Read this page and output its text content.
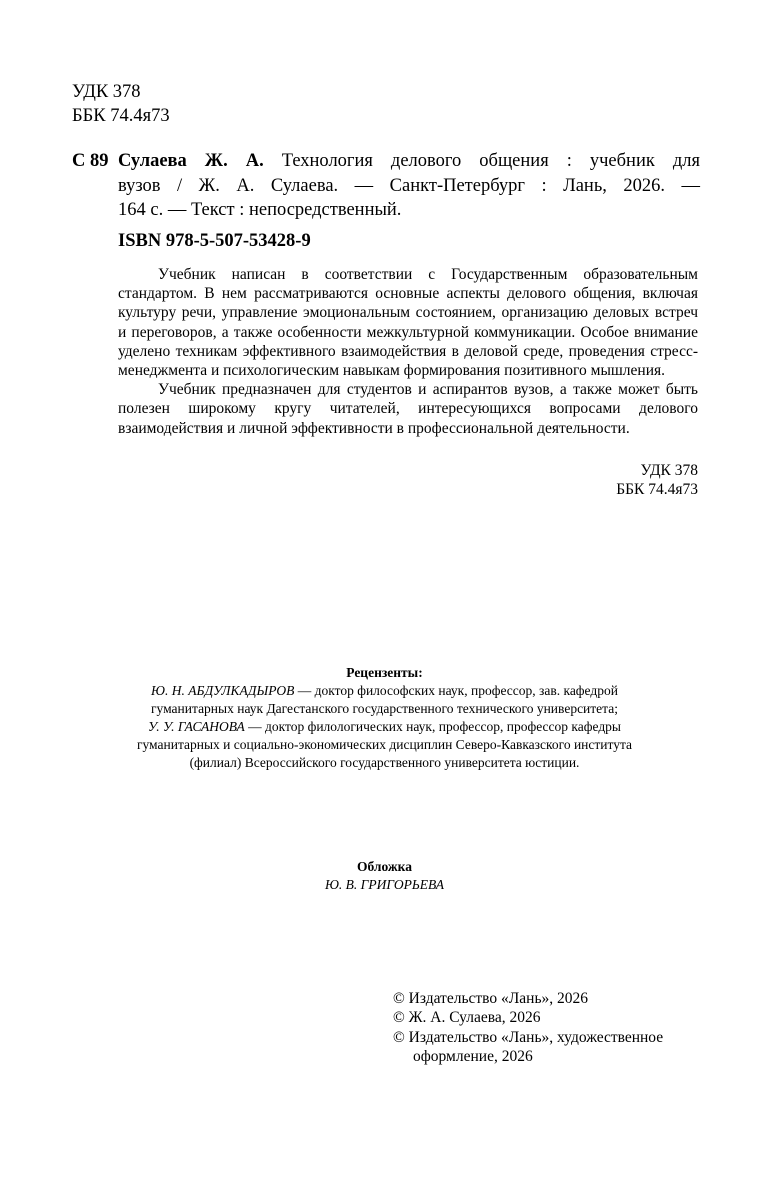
УДК 378
ББК 74.4я73
С 89 Сулаева Ж. А. Технология делового общения : учебник для
вузов / Ж. А. Сулаева. — Санкт-Петербург : Лань, 2026. —
164 с. — Текст : непосредственный.
ISBN 978-5-507-53428-9

Учебник написан в соответствии с Государственным образовательным стандартом. В нем рассматриваются основные аспекты делового общения, включая культуру речи, управление эмоциональным состоянием, организацию деловых встреч и переговоров, а также особенности межкультурной коммуникации. Особое внимание уделено техникам эффективного взаимодействия в деловой среде, проведения стресс-менеджмента и психологическим навыкам формирования позитивного мышления.

Учебник предназначен для студентов и аспирантов вузов, а также может быть полезен широкому кругу читателей, интересующихся вопросами делового взаимодействия и личной эффективности в профессиональной деятельности.

УДК 378
ББК 74.4я73
Рецензенты:
Ю. Н. АБДУЛКАДЫРОВ — доктор философских наук, профессор, зав. кафедрой
гуманитарных наук Дагестанского государственного технического университета;
У. У. ГАСАНОВА — доктор филологических наук, профессор, профессор кафедры
гуманитарных и социально-экономических дисциплин Северо-Кавказского института
(филиал) Всероссийского государственного университета юстиции.
Обложка
Ю. В. ГРИГОРЬЕВА
© Издательство «Лань», 2026
© Ж. А. Сулаева, 2026
© Издательство «Лань», художественное оформление, 2026
